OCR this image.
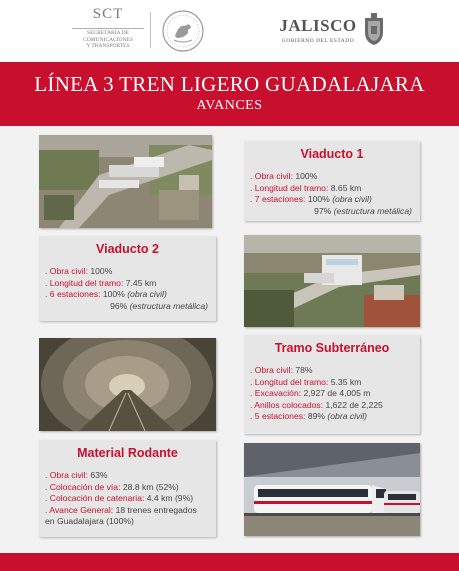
SCT
SECRETARÍA DE
COMUNICACIONES
Y TRANSPORTES
JALISCO
GOBIERNO DEL ESTADO
LÍNEA 3 TREN LIGERO GUADALAJARA
AVANCES
Viaducto 1
. Obra civil: 100%
. Longitud del tramo: 8.65 km
. 7 estaciones: 100% (obra civil)
97% (estructura metálica)
Viaducto 2
. Obra civil: 100%
. Longitud del tramo: 7.45 km
. 6 estaciones: 100% (obra civil)
96% (estructura metálica)
Tramo Subterráneo
. Obra civil: 78%
. Longitud del tramo: 5.35 km
. Excavación: 2,927 de 4,005 m
. Anillos colocados: 1,622 de 2,225
. 5 estaciones: 89% (obra civil)
Material Rodante
. Obra civil: 63%
. Colocación de vía: 28.8 km (52%)
. Colocación de catenaria: 4.4 km (9%)
. Avance General: 18 trenes entregados
en Guadalajara (100%)
